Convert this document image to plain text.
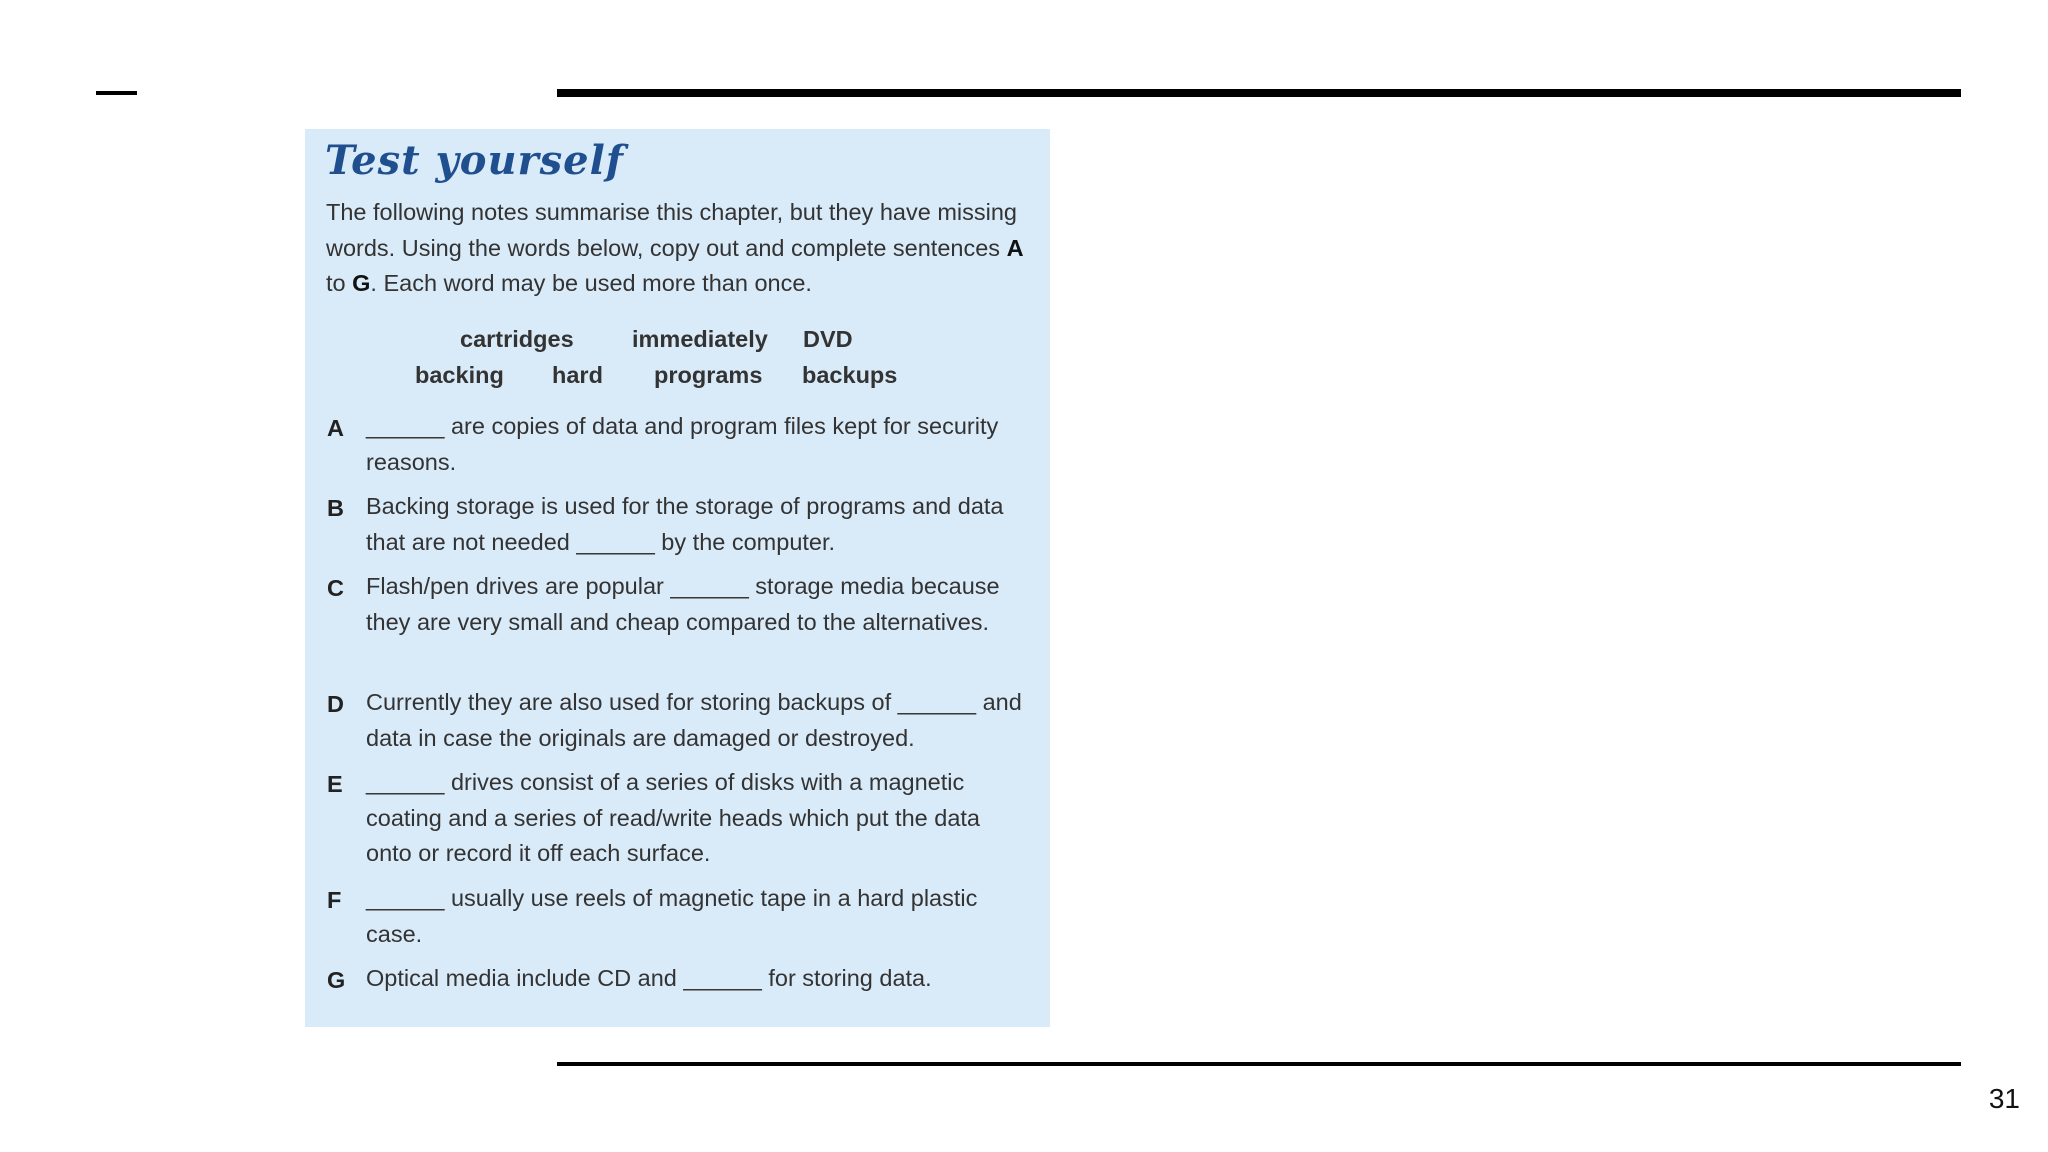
Test yourself
The following notes summarise this chapter, but they have missing words. Using the words below, copy out and complete sentences A to G. Each word may be used more than once.
cartridges immediately DVD
backing hard programs backups
A ______ are copies of data and program files kept for security reasons.
B Backing storage is used for the storage of programs and data that are not needed ______ by the computer.
C Flash/pen drives are popular ______ storage media because they are very small and cheap compared to the alternatives.
D Currently they are also used for storing backups of ______ and data in case the originals are damaged or destroyed.
E ______ drives consist of a series of disks with a magnetic coating and a series of read/write heads which put the data onto or record it off each surface.
F ______ usually use reels of magnetic tape in a hard plastic case.
G Optical media include CD and ______ for storing data.
31
